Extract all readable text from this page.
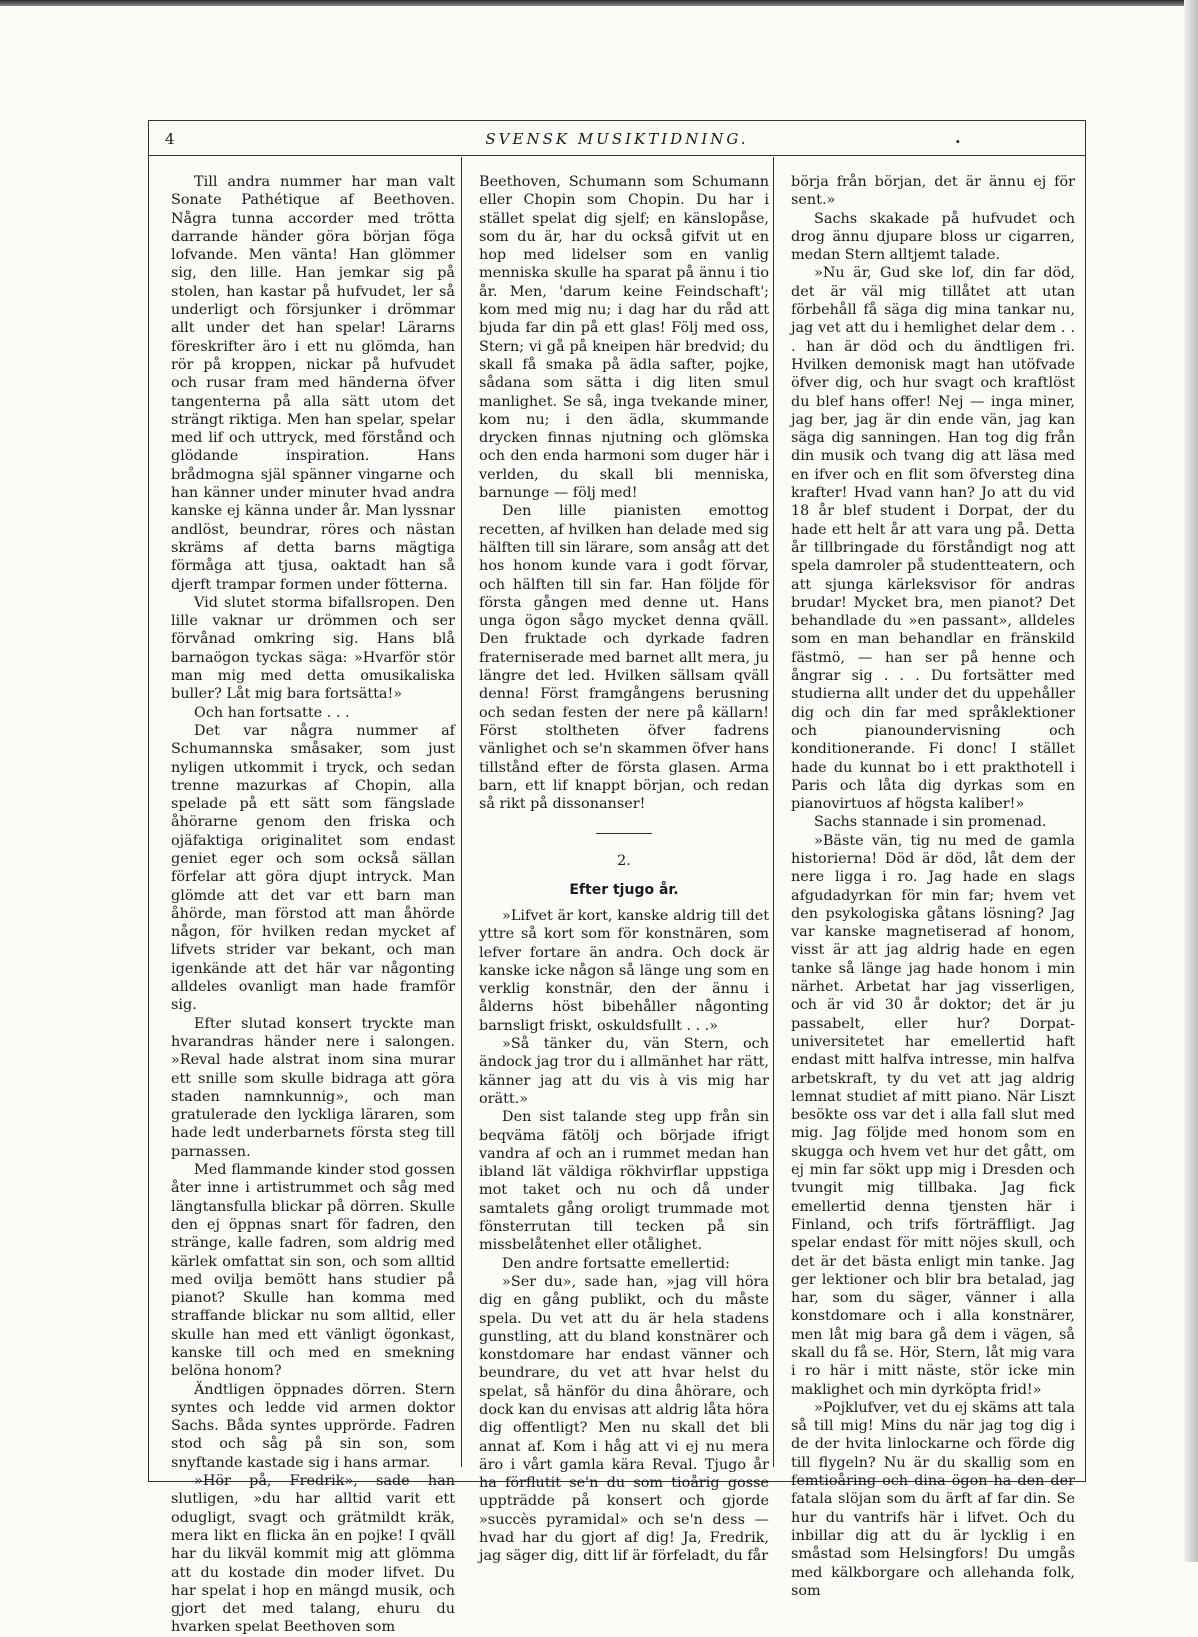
4	SVENSK MUSIKTIDNING.	.

Till andra nummer har man valt Sonate Pathétique af Beethoven. Några tunna accorder med trötta darrande händer göra början föga lofvande. Men vänta! Han glömmer sig, den lille. Han jemkar sig på stolen, han kastar på hufvudet, ler så underligt och försjunker i drömmar allt under det han spelar! Lärarns föreskrifter äro i ett nu glömda, han rör på kroppen, nickar på hufvudet och rusar fram med händerna öfver tangenterna på alla sätt utom det strängt riktiga. Men han spelar, spelar med lif och uttryck, med förstånd och glödande inspiration. Hans brådmogna själ spänner vingarne och han känner under minuter hvad andra kanske ej känna under år. Man lyssnar andlöst, beundrar, röres och nästan skräms af detta barns mägtiga förmåga att tjusa, oaktadt han så djerft trampar formen under fötterna.

Vid slutet storma bifallsropen. Den lille vaknar ur drömmen och ser förvånad omkring sig. Hans blå barnaögon tyckas säga: »Hvarför stör man mig med detta omusikaliska buller? Låt mig bara fortsätta!»

Och han fortsatte . . .

Det var några nummer af Schumannska småsaker, som just nyligen utkommit i tryck, och sedan trenne mazurkas af Chopin, alla spelade på ett sätt som fängslade åhörarne genom den friska och ojäfaktiga originalitet som endast geniet eger och som också sällan förfelar att göra djupt intryck. Man glömde att det var ett barn man åhörde, man förstod att man åhörde någon, för hvilken redan mycket af lifvets strider var bekant, och man igenkände att det här var någonting alldeles ovanligt man hade framför sig.

Efter slutad konsert tryckte man hvarandras händer nere i salongen. »Reval hade alstrat inom sina murar ett snille som skulle bidraga att göra staden namnkunnig», och man gratulerade den lyckliga läraren, som hade ledt underbarnets första steg till parnassen.

Med flammande kinder stod gossen åter inne i artistrummet och såg med längtansfulla blickar på dörren. Skulle den ej öppnas snart för fadren, den stränge, kalle fadren, som aldrig med kärlek omfattat sin son, och som alltid med ovilja bemött hans studier på pianot? Skulle han komma med straffande blickar nu som alltid, eller skulle han med ett vänligt ögonkast, kanske till och med en smekning belöna honom?

Ändtligen öppnades dörren. Stern syntes och ledde vid armen doktor Sachs. Båda syntes upprörde. Fadren stod och såg på sin son, som snyftande kastade sig i hans armar.

»Hör på, Fredrik», sade han slutligen, »du har alltid varit ett odugligt, svagt och grätmildt kräk, mera likt en flicka än en pojke! I qväll har du likväl kommit mig att glömma att du kostade din moder lifvet. Du har spelat i hop en mängd musik, och gjort det med talang, ehuru du hvarken spelat Beethoven som

Beethoven, Schumann som Schumann eller Chopin som Chopin. Du har i stället spelat dig sjelf; en känslopåse, som du är, har du också gifvit ut en hop med lidelser som en vanlig menniska skulle ha sparat på ännu i tio år. Men, 'darum keine Feindschaft'; kom med mig nu; i dag har du råd att bjuda far din på ett glas! Följ med oss, Stern; vi gå på kneipen här bredvid; du skall få smaka på ädla safter, pojke, sådana som sätta i dig liten smul manlighet. Se så, inga tvekande miner, kom nu; i den ädla, skummande drycken finnas njutning och glömska och den enda harmoni som duger här i verlden, du skall bli menniska, barnunge — följ med!

Den lille pianisten emottog recetten, af hvilken han delade med sig hälften till sin lärare, som ansåg att det hos honom kunde vara i godt förvar, och hälften till sin far. Han följde för första gången med denne ut. Hans unga ögon sågo mycket denna qväll. Den fruktade och dyrkade fadren fraterniserade med barnet allt mera, ju längre det led. Hvilken sällsam qväll denna! Först framgångens berusning och sedan festen der nere på källarn! Först stoltheten öfver fadrens vänlighet och se'n skammen öfver hans tillstånd efter de första glasen. Arma barn, ett lif knappt början, och redan så rikt på dissonanser!

2.
Efter tjugo år.

»Lifvet är kort, kanske aldrig till det yttre så kort som för konstnären, som lefver fortare än andra. Och dock är kanske icke någon så länge ung som en verklig konstnär, den der ännu i ålderns höst bibehåller någonting barnsligt friskt, oskuldsfullt . . .»

»Så tänker du, vän Stern, och ändock jag tror du i allmänhet har rätt, känner jag att du vis à vis mig har orätt.»

Den sist talande steg upp från sin beqväma fätölj och började ifrigt vandra af och an i rummet medan han ibland lät väldiga rökhvirflar uppstiga mot taket och nu och då under samtalets gång oroligt trummade mot fönsterrutan till tecken på sin missbelåtenhet eller otålighet.

Den andre fortsatte emellertid:

»Ser du», sade han, »jag vill höra dig en gång publikt, och du måste spela. Du vet att du är hela stadens gunstling, att du bland konstnärer och konstdomare har endast vänner och beundrare, du vet att hvar helst du spelat, så hänför du dina åhörare, och dock kan du envisas att aldrig låta höra dig offentligt? Men nu skall det bli annat af. Kom i håg att vi ej nu mera äro i vårt gamla kära Reval. Tjugo år ha förflutit se'n du som tioårig gosse uppträdde på konsert och gjorde »succès pyramidal» och se'n dess — hvad har du gjort af dig! Ja, Fredrik, jag säger dig, ditt lif är förfeladt, du får

börja från början, det är ännu ej för sent.»

Sachs skakade på hufvudet och drog ännu djupare bloss ur cigarren, medan Stern alltjemt talade.

»Nu är, Gud ske lof, din far död, det är väl mig tillåtet att utan förbehåll få säga dig mina tankar nu, jag vet att du i hemlighet delar dem . . . han är död och du ändtligen fri. Hvilken demonisk magt han utöfvade öfver dig, och hur svagt och kraftlöst du blef hans offer! Nej — inga miner, jag ber, jag är din ende vän, jag kan säga dig sanningen. Han tog dig från din musik och tvang dig att läsa med en ifver och en flit som öfversteg dina krafter! Hvad vann han? Jo att du vid 18 år blef student i Dorpat, der du hade ett helt år att vara ung på. Detta år tillbringade du förståndigt nog att spela damroler på studentteatern, och att sjunga kärleksvisor för andras brudar! Mycket bra, men pianot? Det behandlade du »en passant», alldeles som en man behandlar en fränskild fästmö, — han ser på henne och ångrar sig . . . Du fortsätter med studierna allt under det du uppehåller dig och din far med språklektioner och pianoundervisning och konditionerande. Fi donc! I stället hade du kunnat bo i ett prakthotell i Paris och låta dig dyrkas som en pianovirtuos af högsta kaliber!»

Sachs stannade i sin promenad.

»Bäste vän, tig nu med de gamla historierna! Död är död, låt dem der nere ligga i ro. Jag hade en slags afgudadyrkan för min far; hvem vet den psykologiska gåtans lösning? Jag var kanske magnetiserad af honom, visst är att jag aldrig hade en egen tanke så länge jag hade honom i min närhet. Arbetat har jag visserligen, och är vid 30 år doktor; det är ju passabelt, eller hur? Dorpat-universitetet har emellertid haft endast mitt halfva intresse, min halfva arbetskraft, ty du vet att jag aldrig lemnat studiet af mitt piano. När Liszt besökte oss var det i alla fall slut med mig. Jag följde med honom som en skugga och hvem vet hur det gått, om ej min far sökt upp mig i Dresden och tvungit mig tillbaka. Jag fick emellertid denna tjensten här i Finland, och trifs förträffligt. Jag spelar endast för mitt nöjes skull, och det är det bästa enligt min tanke. Jag ger lektioner och blir bra betalad, jag har, som du säger, vänner i alla konstdomare och i alla konstnärer, men låt mig bara gå dem i vägen, så skall du få se. Hör, Stern, låt mig vara i ro här i mitt näste, stör icke min maklighet och min dyrköpta frid!»

»Pojklufver, vet du ej skäms att tala så till mig! Mins du när jag tog dig i de der hvita linlockarne och förde dig till flygeln? Nu är du skallig som en femtioåring och dina ögon ha den der fatala slöjan som du ärft af far din. Se hur du vantrifs här i lifvet. Och du inbillar dig att du är lycklig i en småstad som Helsingfors! Du umgås med kälkborgare och allehanda folk, som
